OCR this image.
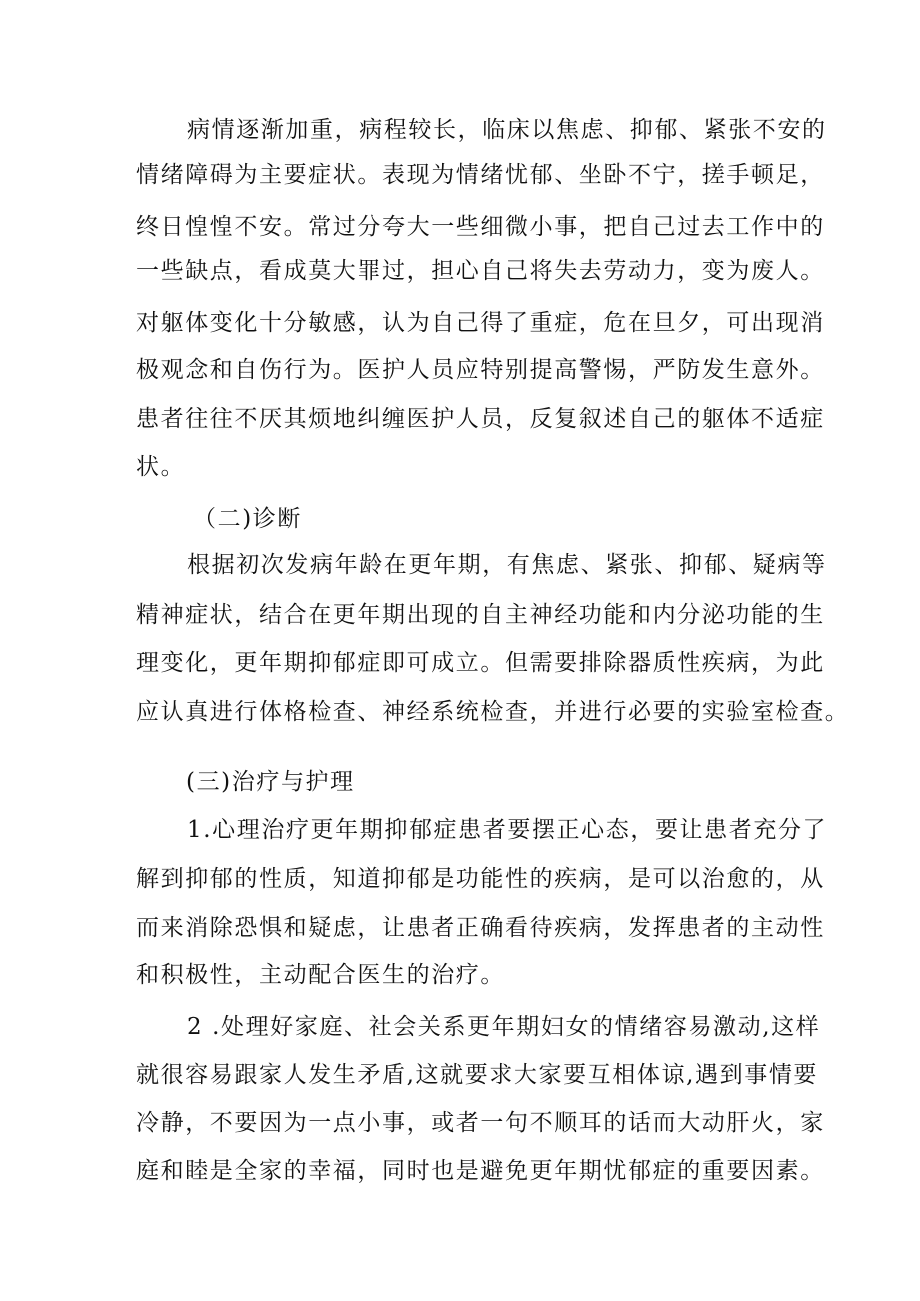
病情逐渐加重，病程较长，临床以焦虑、抑郁、紧张不安的
情绪障碍为主要症状。表现为情绪忧郁、坐卧不宁，搓手顿足，
终日惶惶不安。常过分夸大一些细微小事，把自己过去工作中的
一些缺点，看成莫大罪过，担心自己将失去劳动力，变为废人。
对躯体变化十分敏感，认为自己得了重症，危在旦夕，可出现消
极观念和自伤行为。医护人员应特别提高警惕，严防发生意外。
患者往往不厌其烦地纠缠医护人员，反复叙述自己的躯体不适症
状。
（二)诊断
根据初次发病年龄在更年期，有焦虑、紧张、抑郁、疑病等
精神症状，结合在更年期出现的自主神经功能和内分泌功能的生
理变化，更年期抑郁症即可成立。但需要排除器质性疾病，为此
应认真进行体格检查、神经系统检查，并进行必要的实验室检查。
(三)治疗与护理
1.心理治疗更年期抑郁症患者要摆正心态，要让患者充分了
解到抑郁的性质，知道抑郁是功能性的疾病，是可以治愈的，从
而来消除恐惧和疑虑，让患者正确看待疾病，发挥患者的主动性
和积极性，主动配合医生的治疗。
2 .处理好家庭、社会关系更年期妇女的情绪容易激动,这样
就很容易跟家人发生矛盾,这就要求大家要互相体谅,遇到事情要
冷静，不要因为一点小事，或者一句不顺耳的话而大动肝火，家
庭和睦是全家的幸福，同时也是避免更年期忧郁症的重要因素。
